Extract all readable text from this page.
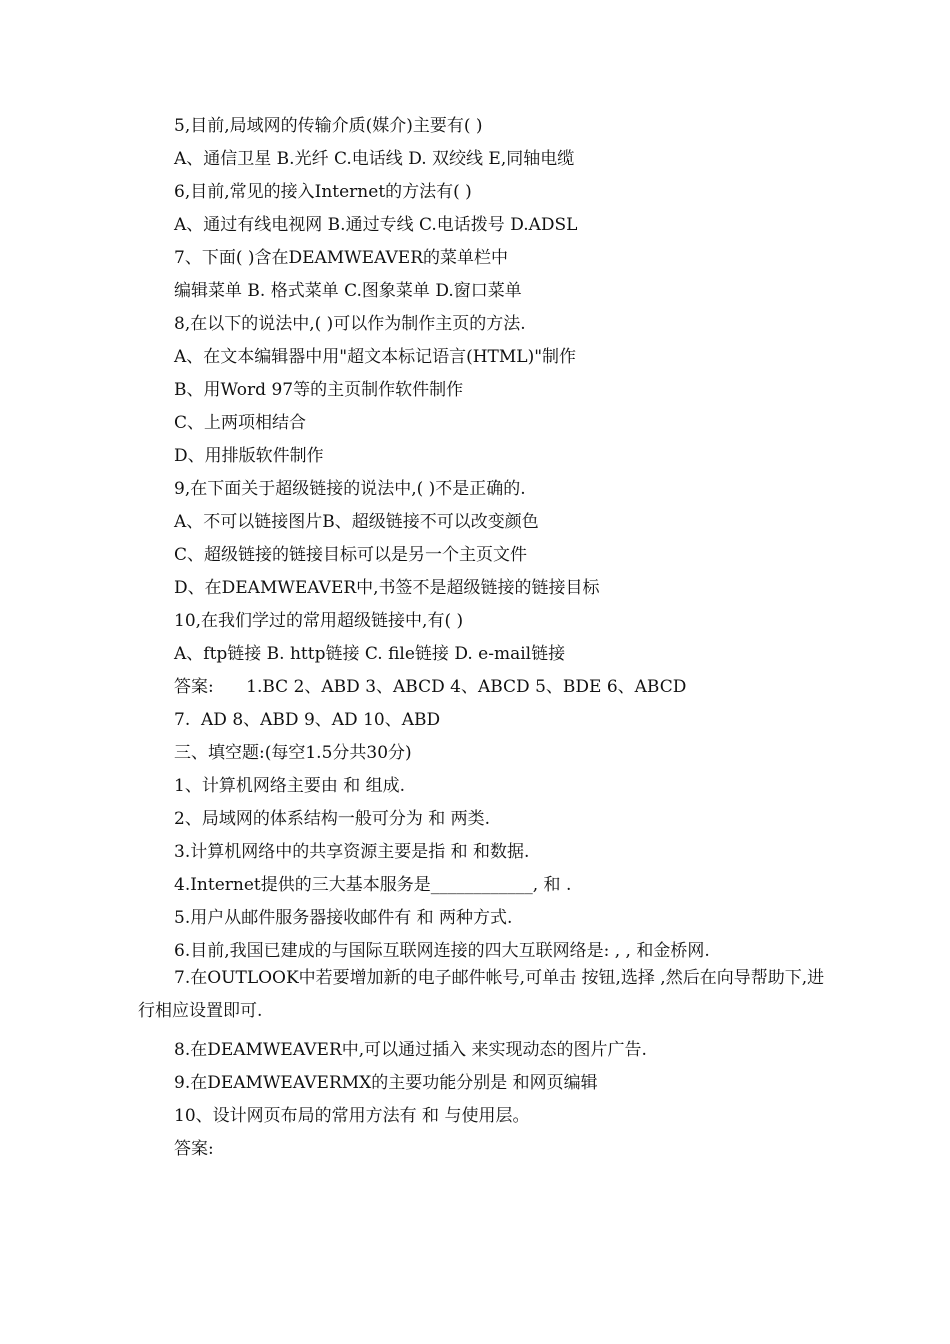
5,目前,局域网的传输介质(媒介)主要有( )
A、通信卫星 B.光纤 C.电话线 D. 双绞线 E,同轴电缆
6,目前,常见的接入Internet的方法有( )
A、通过有线电视网 B.通过专线 C.电话拨号 D.ADSL
7、下面( )含在DEAMWEAVER的菜单栏中
编辑菜单 B. 格式菜单 C.图象菜单 D.窗口菜单
8,在以下的说法中,( )可以作为制作主页的方法.
A、在文本编辑器中用"超文本标记语言(HTML)"制作
B、用Word 97等的主页制作软件制作
C、上两项相结合
D、用排版软件制作
9,在下面关于超级链接的说法中,( )不是正确的.
A、不可以链接图片B、超级链接不可以改变颜色
C、超级链接的链接目标可以是另一个主页文件
D、在DEAMWEAVER中,书签不是超级链接的链接目标
10,在我们学过的常用超级链接中,有( )
A、ftp链接 B. http链接 C. file链接 D. e-mail链接
答案:      1.BC 2、ABD 3、ABCD 4、ABCD 5、BDE 6、ABCD
7.  AD 8、ABD 9、AD 10、ABD
三、填空题:(每空1.5分共30分)
1、计算机网络主要由 和 组成.
2、局域网的体系结构一般可分为 和 两类.
3.计算机网络中的共享资源主要是指 和 和数据.
4.Internet提供的三大基本服务是____________, 和 .
5.用户从邮件服务器接收邮件有 和 两种方式.
6.目前,我国已建成的与国际互联网连接的四大互联网络是: , , 和金桥网.
7.在OUTLOOK中若要增加新的电子邮件帐号,可单击 按钮,选择 ,然后在向导帮助下,进行相应设置即可.
8.在DEAMWEAVER中,可以通过插入 来实现动态的图片广告.
9.在DEAMWEAVERMX的主要功能分别是 和网页编辑
10、设计网页布局的常用方法有 和 与使用层。
答案:
